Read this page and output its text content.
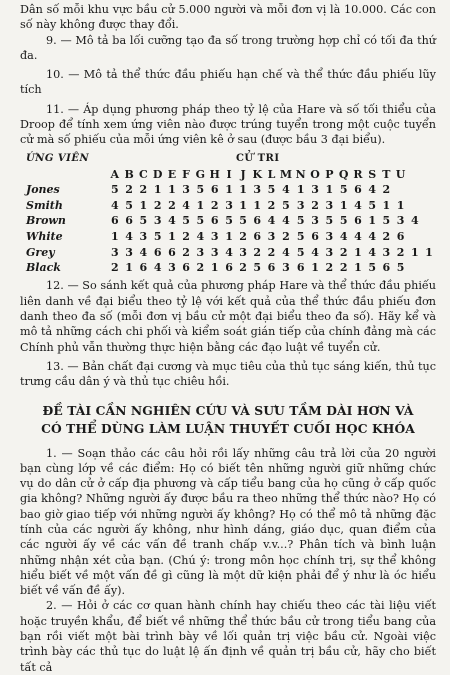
Dân số mỗi khu vực bầu cử 5.000 người và mỗi đơn vị là 10.000. Các con số này không được thay đổi.

9. — Mô tả ba lối cưỡng tạo đa số trong trường hợp chỉ có tối đa thứ đa.

10. — Mô tả thể thức đầu phiếu hạn chế và thể thức đầu phiếu lũy tích

11. — Áp dụng phương pháp theo tỷ lệ của Hare và số tối thiểu của Droop để tính xem ứng viên nào được trúng tuyển trong một cuộc tuyển cử mà số phiếu của mỗi ứng viên kê ở sau (được bầu 3 đại biểu).

ỨNG VIÊN	CỬ TRI																						
	A	B	C	D	E	F	G	H	I	J	K	L	M	N	O	P	Q	R	S	T	U		
Jones	5	2	2	1	1	3	5	6	1	1	3	5	4	1	3	1	5	6	4	2			
Smith	4	5	1	2	2	4	1	2	3	1	1	2	5	3	2	3	1	4	5	1	1		
Brown	6	6	5	3	4	5	5	6	5	5	6	4	4	5	3	5	5	6	1	5	3	4	
White	1	4	3	5	1	2	4	3	1	2	6	3	2	5	6	3	4	4	4	2	6		
Grey	3	3	4	6	6	2	3	3	4	3	2	2	4	5	4	3	2	1	4	3	2	1	1
Black	2	1	6	4	3	6	2	1	6	2	5	6	3	6	1	2	2	1	5	6	5		

12. — So sánh kết quả của phương pháp Hare và thể thức đầu phiếu liên danh về đại biểu theo tỷ lệ với kết quả của thể thức đầu phiếu đơn danh theo đa số (mỗi đơn vị bầu cử một đại biểu theo đa số). Hãy kể và mô tả những cách chi phối và kiểm soát gián tiếp của chính đảng mà các Chính phủ vẫn thường thực hiện bằng các đạo luật về tuyển cử.

13. — Bản chất đại cương và mục tiêu của thủ tục sáng kiến, thủ tục trưng cầu dân ý và thủ tục chiêu hồi.

ĐỀ TÀI CẦN NGHIÊN CỨU VÀ SƯU TẦM DÀI HƠN VÀ
CÓ THỂ DÙNG LÀM LUẬN THUYẾT CUỐI HỌC KHÓA

1. — Soạn thảo các câu hỏi rồi lấy những câu trả lời của 20 người bạn cùng lớp về các điểm: Họ có biết tên những người giữ những chức vụ do dân cử ở cấp địa phương và cấp tiểu bang của họ cũng ở cấp quốc gia không? Những người ấy được bầu ra theo những thể thức nào? Họ có bao giờ giao tiếp với những người ấy không? Họ có thể mô tả những đặc tính của các người ấy không, như hình dáng, giáo dục, quan điểm của các người ấy về các vấn đề tranh chấp v.v...? Phân tích và bình luận những nhận xét của bạn. (Chú ý: trong môn học chính trị, sự thể không hiểu biết về một vấn đề gì cũng là một dữ kiện phải để ý như là óc hiểu biết về vấn đề ấy).

2. — Hỏi ở các cơ quan hành chính hay chiếu theo các tài liệu viết hoặc truyền khẩu, để biết về những thể thức bầu cử trong tiểu bang của bạn rồi viết một bài trình bày về lối quản trị việc bầu cử. Ngoài việc trình bày các thủ tục do luật lệ ấn định về quản trị bầu cử, hãy cho biết tất cả
